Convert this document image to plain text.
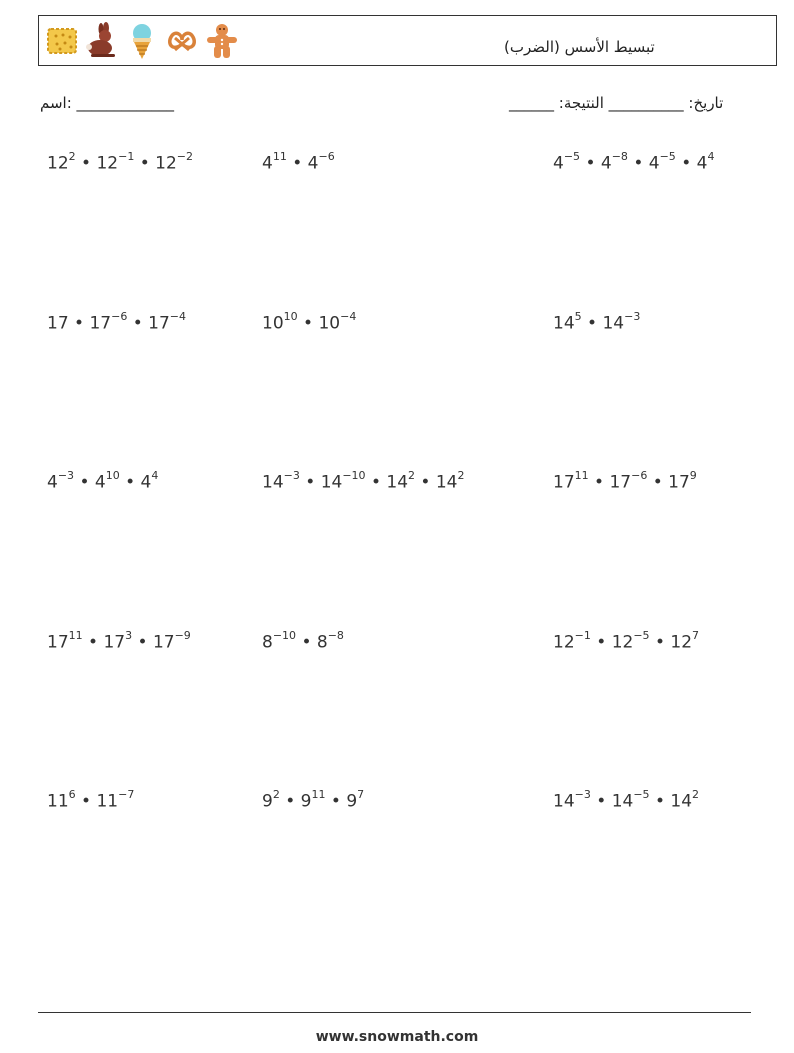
(تبسيط الأسس (الضرب
اسم: _____________	______ :تاريخ: __________ النتيجة
$12^2$ • $12^{-1}$ • $12^{-2}$	$4^{11}$ • $4^{-6}$	$4^{-5}$ • $4^{-8}$ • $4^{-5}$ • $4^4$
17 • $17^{-6}$ • $17^{-4}$	$10^{10}$ • $10^{-4}$	$14^5$ • $14^{-3}$
$4^{-3}$ • $4^{10}$ • $4^4$	$14^{-3}$ • $14^{-10}$ • $14^2$ • $14^2$	$17^{11}$ • $17^{-6}$ • $17^9$
$17^{11}$ • $17^3$ • $17^{-9}$	$8^{-10}$ • $8^{-8}$	$12^{-1}$ • $12^{-5}$ • $12^7$
$11^6$ • $11^{-7}$	$9^2$ • $9^{11}$ • $9^7$	$14^{-3}$ • $14^{-5}$ • $14^2$
www.snowmath.com
